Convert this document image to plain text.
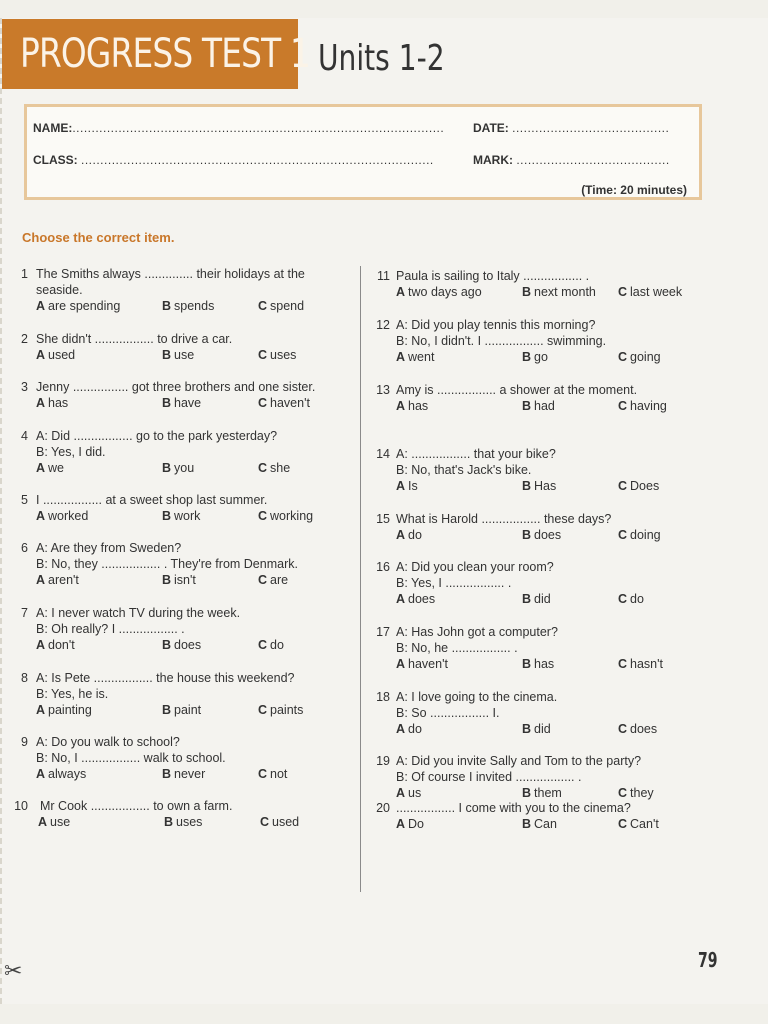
PROGRESS TEST 1 Units 1-2
NAME:................................................................................................. DATE: .........................................
CLASS: ............................................................................................	MARK: ........................................
(Time: 20 minutes)
Choose the correct item.
1 The Smiths always .............. their holidays at the
seaside.
A are spending	B spends	C spend
2 She didn't ................. to drive a car.
A used	B use	C uses
3 Jenny ................ got three brothers and one sister.
A has	B have	C haven't
4 A: Did ................. go to the park yesterday?
B: Yes, I did.
A we	B you	C she
5 I ................. at a sweet shop last summer.
A worked	B work	C working
6 A: Are they from Sweden?
B: No, they ................. . They're from Denmark.
A aren't	B isn't	C are
7 A: I never watch TV during the week.
B: Oh really? I ................. .
A don't	B does	C do
8 A: Is Pete ................. the house this weekend?
B: Yes, he is.
A painting	B paint	C paints
9 A: Do you walk to school?
B: No, I ................. walk to school.
A always	B never	C not
10 Mr Cook ................. to own a farm.
A use	B uses	C used
11 Paula is sailing to Italy ................. .
A two days ago	B next month C last week
12 A: Did you play tennis this morning?
B: No, I didn't. I ................. swimming.
A went	B go	C going
13 Amy is ................. a shower at the moment.
A has	B had	C having
14 A: ................. that your bike?
B: No, that's Jack's bike.
A Is	B Has	C Does
15 What is Harold ................. these days?
A do	B does	C doing
16 A: Did you clean your room?
B: Yes, I ................. .
A does	B did	C do
17 A: Has John got a computer?
B: No, he ................. .
A haven't	B has	C hasn't
18 A: I love going to the cinema.
B: So ................. I.
A do	B did	C does
19 A: Did you invite Sally and Tom to the party?
B: Of course I invited ................. .
A us	B them	C they
20 ................. I come with you to the cinema?
A Do	B Can	C Can't
79
✂
